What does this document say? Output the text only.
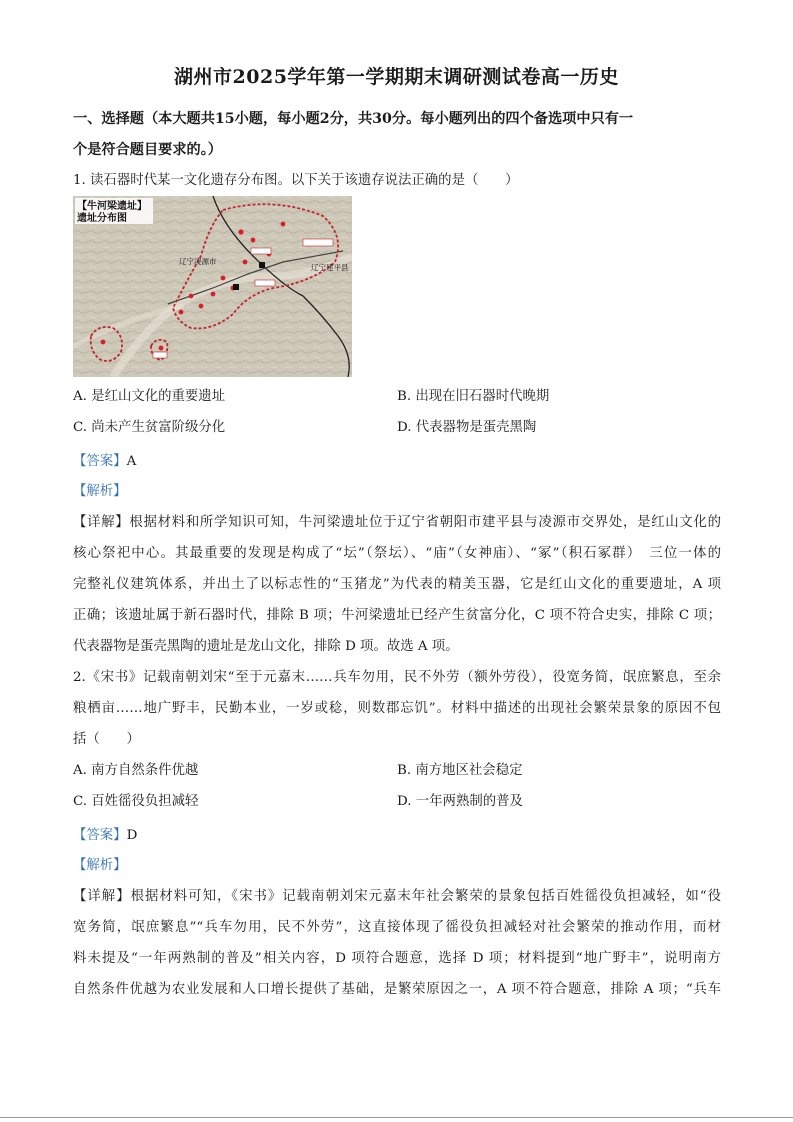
湖州市2025学年第一学期期末调研测试卷高一历史
一、选择题（本大题共15小题，每小题2分，共30分。每小题列出的四个备选项中只有一
个是符合题目要求的。）
1. 读石器时代某一文化遗存分布图。以下关于该遗存说法正确的是（　　）
【牛河梁遗址】
遗址分布图
辽宁凌源市
辽宁建平县
A. 是红山文化的重要遗址	B. 出现在旧石器时代晚期
C. 尚未产生贫富阶级分化	D. 代表器物是蛋壳黑陶
【答案】A
【解析】
【详解】根据材料和所学知识可知，牛河梁遗址位于辽宁省朝阳市建平县与凌源市交界处，是红山文化的
核心祭祀中心。其最重要的发现是构成了“坛”（祭坛）、“庙”（女神庙）、“冢”（积石冢群）　三位一体的
完整礼仪建筑体系，并出土了以标志性的“玉猪龙”为代表的精美玉器，它是红山文化的重要遗址，A 项
正确；该遗址属于新石器时代，排除 B 项；牛河梁遗址已经产生贫富分化，C 项不符合史实，排除 C 项；
代表器物是蛋壳黑陶的遗址是龙山文化，排除 D 项。故选 A 项。
2.《宋书》记载南朝刘宋“至于元嘉末……兵车勿用，民不外劳（额外劳役），役宽务简，氓庶繁息，至余
粮栖亩……地广野丰，民勤本业，一岁或稔，则数郡忘饥”。材料中描述的出现社会繁荣景象的原因不包
括（　　）
A. 南方自然条件优越	B. 南方地区社会稳定
C. 百姓徭役负担减轻	D. 一年两熟制的普及
【答案】D
【解析】
【详解】根据材料可知，《宋书》记载南朝刘宋元嘉末年社会繁荣的景象包括百姓徭役负担减轻，如“役
宽务简，氓庶繁息”“兵车勿用，民不外劳”，这直接体现了徭役负担减轻对社会繁荣的推动作用，而材
料未提及“一年两熟制的普及”相关内容，D 项符合题意，选择 D 项；材料提到“地广野丰”，说明南方
自然条件优越为农业发展和人口增长提供了基础，是繁荣原因之一，A 项不符合题意，排除 A 项；“兵车
